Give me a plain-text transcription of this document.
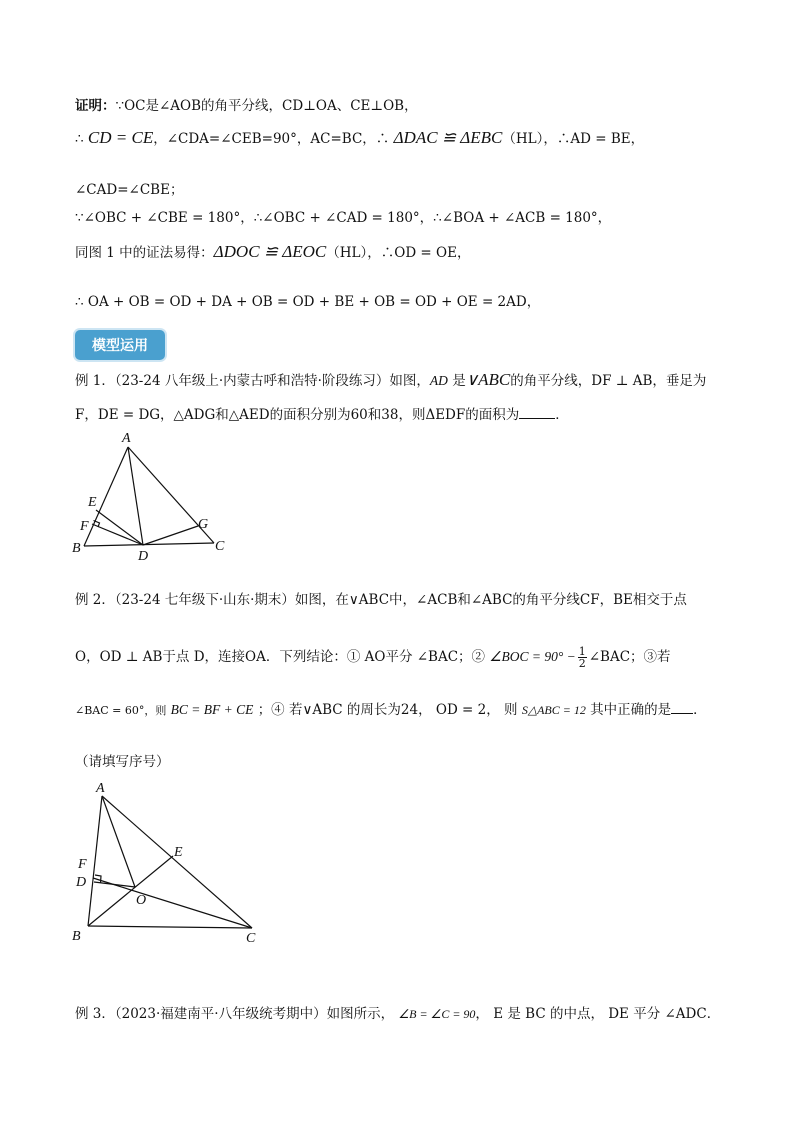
证明：∵OC是∠AOB的角平分线，CD⊥OA、CE⊥OB，
∴ CD = CE，∠CDA=∠CEB=90°，AC=BC，∴ ΔDAC ≌ ΔEBC（HL），∴AD = BE，
∠CAD=∠CBE；
∵∠OBC + ∠CBE = 180°，∴∠OBC + ∠CAD = 180°，∴∠BOA + ∠ACB = 180°，
同图 1 中的证法易得：ΔDOC ≌ ΔEOC（HL），∴OD = OE，
∴ OA + OB = OD + DA + OB = OD + BE + OB = OD + OE = 2AD，
模型运用
例 1．（23-24 八年级上·内蒙古呼和浩特·阶段练习）如图，AD 是∨ABC的角平分线，DF ⊥ AB，垂足为
F，DE = DG，△ADG和△AED的面积分别为60和38，则ΔEDF的面积为	．
A
E
F
B
D
G
C
例 2．（23-24 七年级下·山东·期末）如图，在∨ABC中，∠ACB和∠ABC的角平分线CF，BE相交于点
O，OD ⊥ AB于点 D，连接OA．下列结论：① AO平分 ∠BAC；② ∠BOC = $90^\circ - \frac{1}{2}$ ∠BAC；③若
∠BAC = 60°，则 BC = BF + CE ；④ 若∨ABC 的周长为24， OD = 2， 则 S△ABC = 12 其中正确的是 ．
（请填写序号）
A
F
D
E
O
B	C
例 3．（2023·福建南平·八年级统考期中）如图所示， ∠B = ∠C = 90， E 是 BC 的中点， DE 平分 ∠ADC．
